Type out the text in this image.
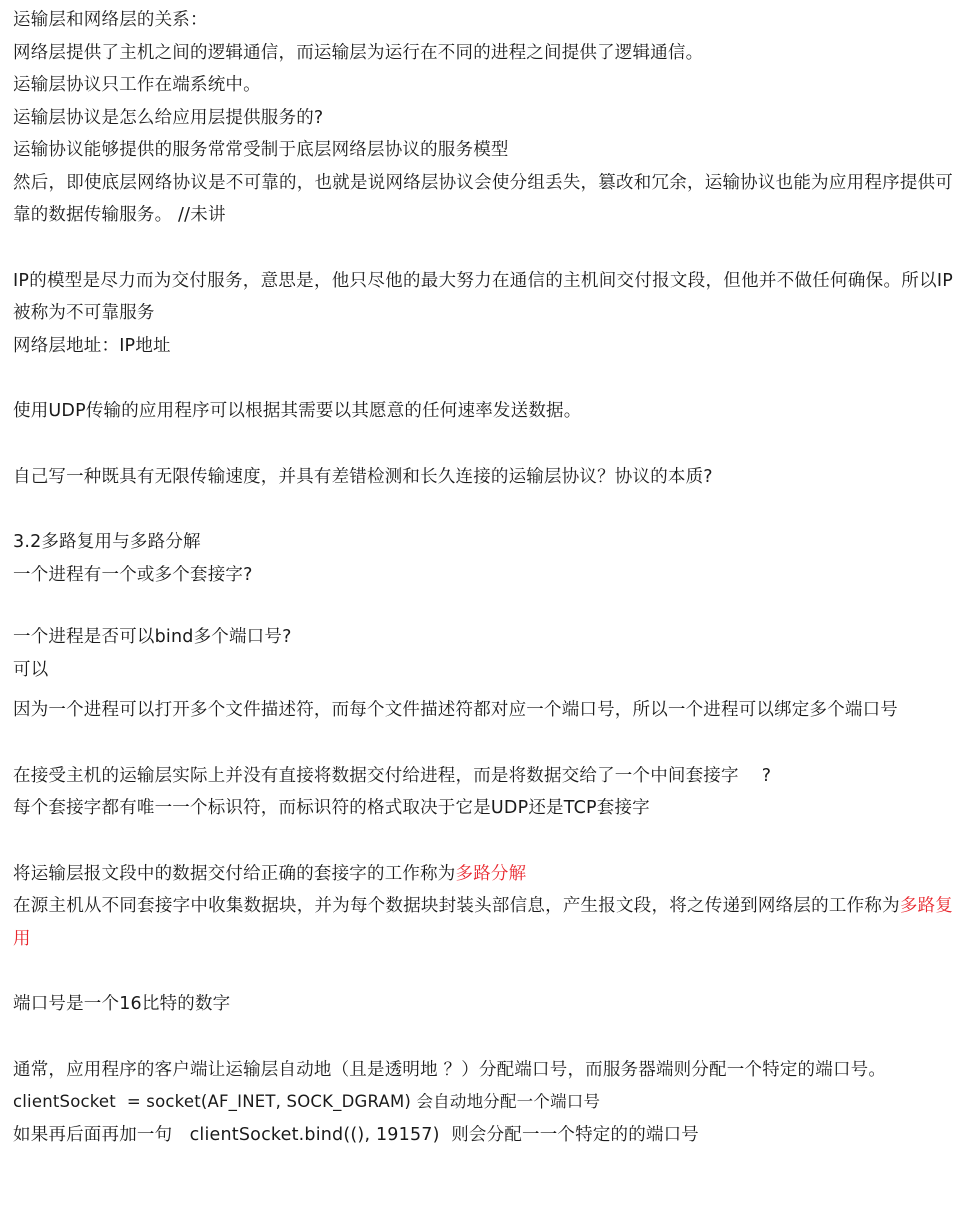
运输层和网络层的关系：

网络层提供了主机之间的逻辑通信，而运输层为运行在不同的进程之间提供了逻辑通信。

运输层协议只工作在端系统中。

运输层协议是怎么给应用层提供服务的?

运输协议能够提供的服务常常受制于底层网络层协议的服务模型

然后，即使底层网络协议是不可靠的，也就是说网络层协议会使分组丢失，篡改和冗余，运输协议也能为应用程序提供可靠的数据传输服务。 //未讲

IP的模型是尽力而为交付服务，意思是，他只尽他的最大努力在通信的主机间交付报文段，但他并不做任何确保。所以IP被称为不可靠服务

网络层地址：IP地址

使用UDP传输的应用程序可以根据其需要以其愿意的任何速率发送数据。

自己写一种既具有无限传输速度，并具有差错检测和长久连接的运输层协议？协议的本质?

3.2多路复用与多路分解

一个进程有一个或多个套接字?

一个进程是否可以bind多个端口号?

可以

因为一个进程可以打开多个文件描述符，而每个文件描述符都对应一个端口号，所以一个进程可以绑定多个端口号

在接受主机的运输层实际上并没有直接将数据交付给进程，而是将数据交给了一个中间套接字    ?

每个套接字都有唯一一个标识符，而标识符的格式取决于它是UDP还是TCP套接字

将运输层报文段中的数据交付给正确的套接字的工作称为多路分解

在源主机从不同套接字中收集数据块，并为每个数据块封装头部信息，产生报文段，将之传递到网络层的工作称为多路复用

端口号是一个16比特的数字

通常，应用程序的客户端让运输层自动地（且是透明地 ？）分配端口号，而服务器端则分配一个特定的端口号。

clientSocket  = socket(AF_INET, SOCK_DGRAM) 会自动地分配一个端口号

如果再后面再加一句   clientSocket.bind((), 19157)  则会分配一一个特定的的端口号
